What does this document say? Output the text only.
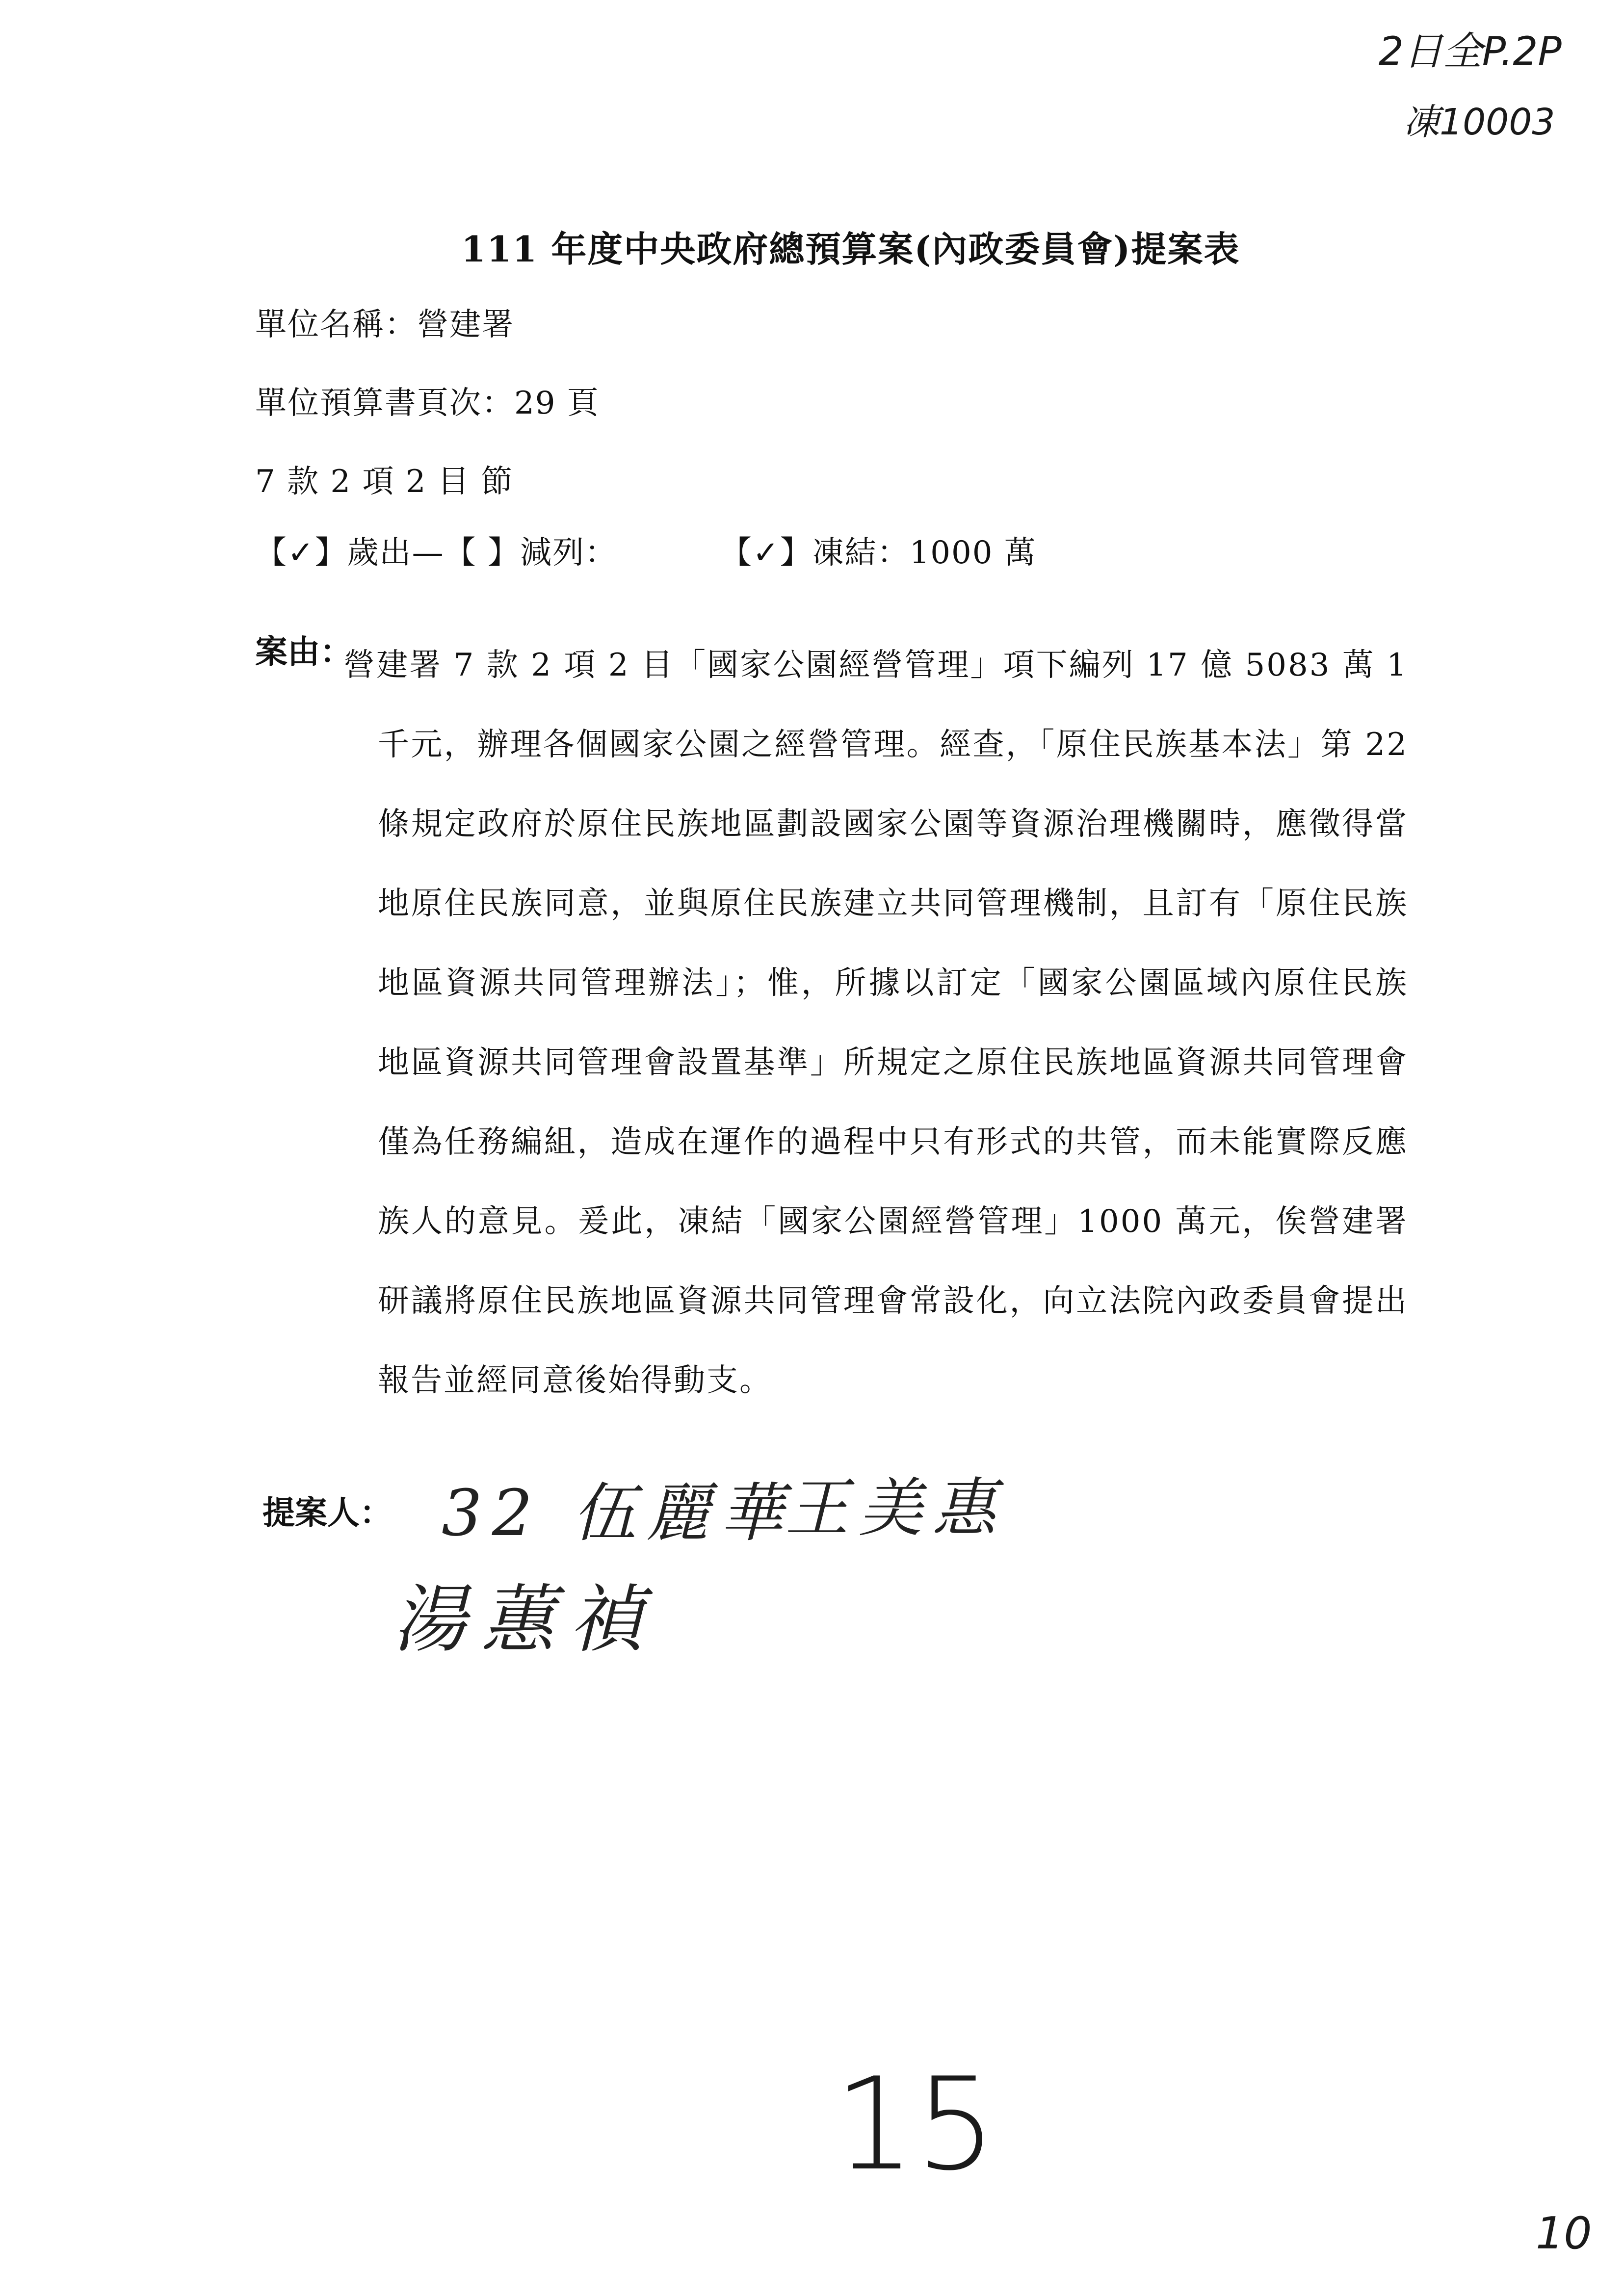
2日全P.2P
凍10003
111 年度中央政府總預算案(內政委員會)提案表
單位名稱：營建署
單位預算書頁次：29 頁
7 款 2 項 2 目 節
【✓】歲出—【 】減列：	【✓】凍結：1000 萬
案由：
營建署 7 款 2 項 2 目「國家公園經營管理」項下編列 17 億 5083 萬 1 千元，辦理各個國家公園之經營管理。經查，「原住民族基本法」第 22 條規定政府於原住民族地區劃設國家公園等資源治理機關時，應徵得當地原住民族同意，並與原住民族建立共同管理機制，且訂有「原住民族地區資源共同管理辦法」；惟，所據以訂定「國家公園區域內原住民族地區資源共同管理會設置基準」所規定之原住民族地區資源共同管理會僅為任務編組，造成在運作的過程中只有形式的共管，而未能實際反應族人的意見。爰此，凍結「國家公園經營管理」1000 萬元，俟營建署研議將原住民族地區資源共同管理會常設化，向立法院內政委員會提出報告並經同意後始得動支。
提案人： 32 伍麗華
王美惠
湯蕙禎
15
10
